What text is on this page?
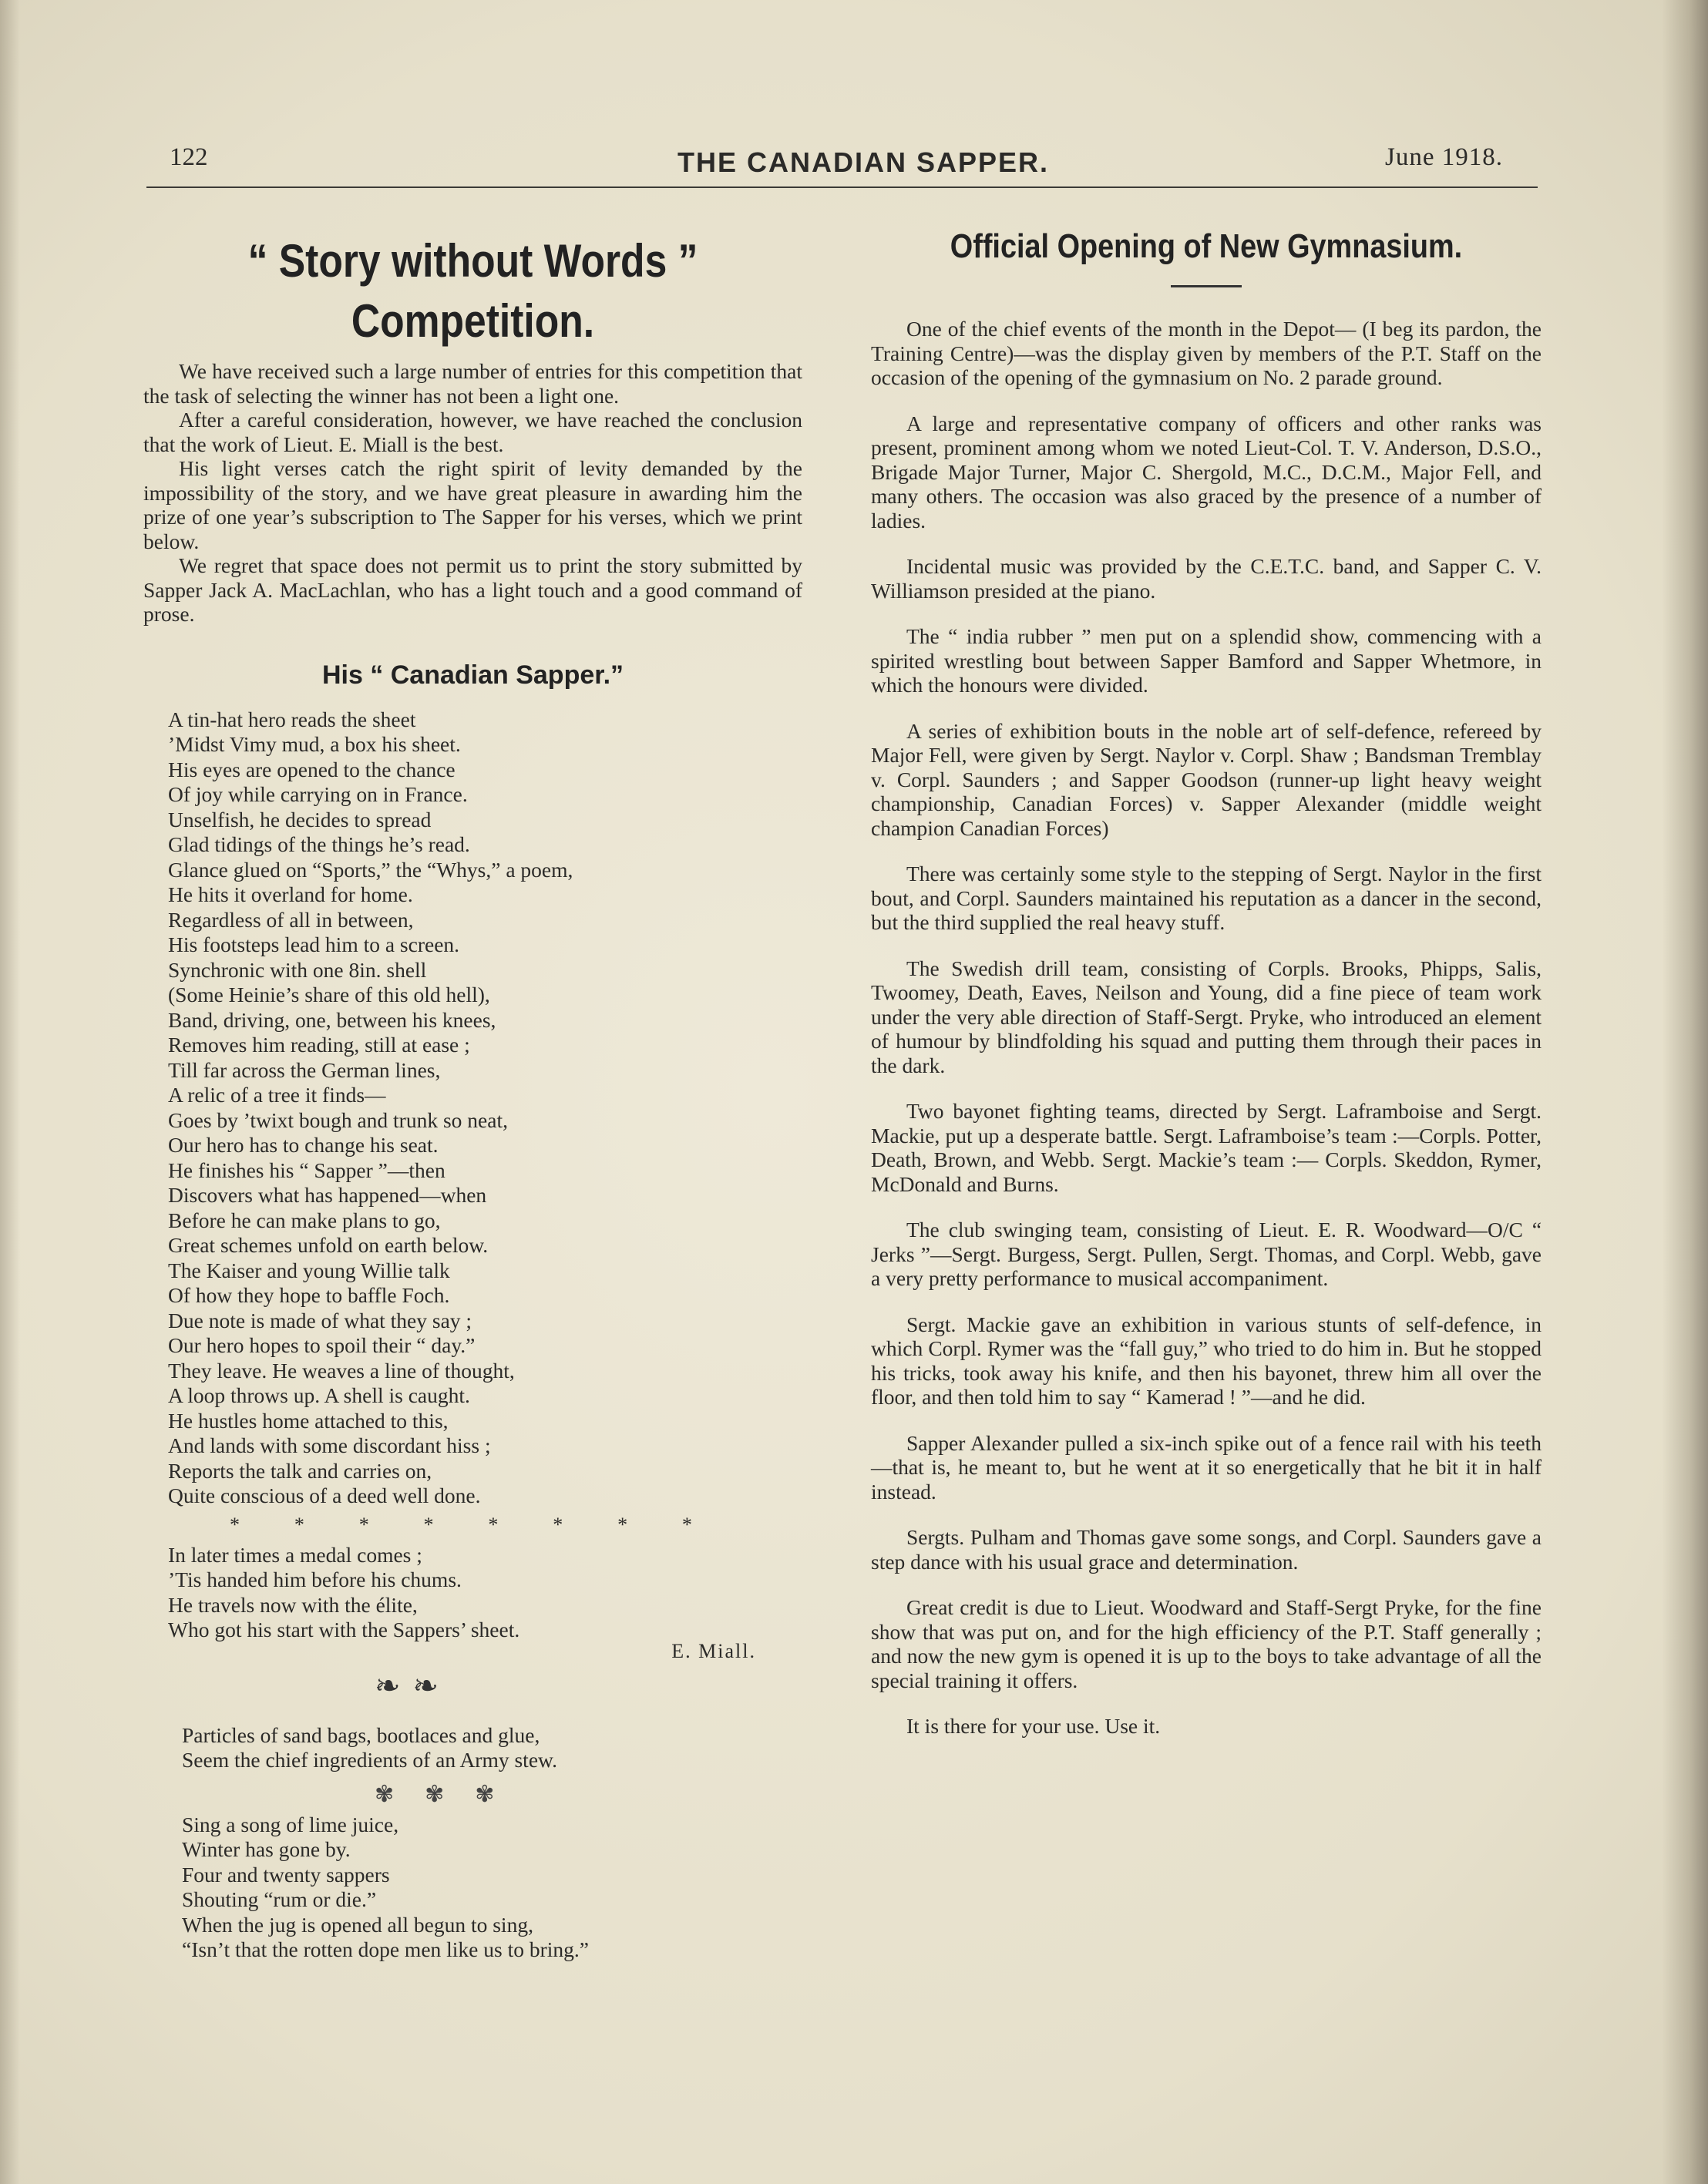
122	THE CANADIAN SAPPER.	June 1918.
“ Story without Words ”
Competition.

We have received such a large number of entries for this competition that the task of selecting the winner has not been a light one.

After a careful consideration, however, we have reached the conclusion that the work of Lieut. E. Miall is the best.

His light verses catch the right spirit of levity demanded by the impossibility of the story, and we have great pleasure in awarding him the prize of one year’s subscription to The Sapper for his verses, which we print below.

We regret that space does not permit us to print the story submitted by Sapper Jack A. MacLachlan, who has a light touch and a good command of prose.

His “ Canadian Sapper.”
A tin-hat hero reads the sheet
’Midst Vimy mud, a box his sheet.
His eyes are opened to the chance
Of joy while carrying on in France.
Unselfish, he decides to spread
Glad tidings of the things he’s read.
Glance glued on “Sports,” the “Whys,” a poem,
He hits it overland for home.
Regardless of all in between,
His footsteps lead him to a screen.
Synchronic with one 8in. shell
(Some Heinie’s share of this old hell),
Band, driving, one, between his knees,
Removes him reading, still at ease ;
Till far across the German lines,
A relic of a tree it finds—
Goes by ’twixt bough and trunk so neat,
Our hero has to change his seat.
He finishes his “ Sapper ”—then
Discovers what has happened—when
Before he can make plans to go,
Great schemes unfold on earth below.
The Kaiser and young Willie talk
Of how they hope to baffle Foch.
Due note is made of what they say ;
Our hero hopes to spoil their “ day.”
They leave. He weaves a line of thought,
A loop throws up. A shell is caught.
He hustles home attached to this,
And lands with some discordant hiss ;
Reports the talk and carries on,
Quite conscious of a deed well done.
*	*	*	*	*	*	*	*
In later times a medal comes ;
’Tis handed him before his chums.
He travels now with the élite,
Who got his start with the Sappers’ sheet.
E. Miall.
❧❧
Particles of sand bags, bootlaces and glue,
Seem the chief ingredients of an Army stew.
✾✾✾
Sing a song of lime juice,
Winter has gone by.
Four and twenty sappers
Shouting “rum or die.”
When the jug is opened all begun to sing,
“Isn’t that the rotten dope men like us to bring.”
Official Opening of New Gymnasium.

One of the chief events of the month in the Depot— (I beg its pardon, the Training Centre)—was the display given by members of the P.T. Staff on the occasion of the opening of the gymnasium on No. 2 parade ground.

A large and representative company of officers and other ranks was present, prominent among whom we noted Lieut-Col. T. V. Anderson, D.S.O., Brigade Major Turner, Major C. Shergold, M.C., D.C.M., Major Fell, and many others. The occasion was also graced by the presence of a number of ladies.

Incidental music was provided by the C.E.T.C. band, and Sapper C. V. Williamson presided at the piano.

The “ india rubber ” men put on a splendid show, commencing with a spirited wrestling bout between Sapper Bamford and Sapper Whetmore, in which the honours were divided.

A series of exhibition bouts in the noble art of self-defence, refereed by Major Fell, were given by Sergt. Naylor v. Corpl. Shaw ; Bandsman Tremblay v. Corpl. Saunders ; and Sapper Goodson (runner-up light heavy weight championship, Canadian Forces) v. Sapper Alexander (middle weight champion Canadian Forces)

There was certainly some style to the stepping of Sergt. Naylor in the first bout, and Corpl. Saunders maintained his reputation as a dancer in the second, but the third supplied the real heavy stuff.

The Swedish drill team, consisting of Corpls. Brooks, Phipps, Salis, Twoomey, Death, Eaves, Neilson and Young, did a fine piece of team work under the very able direction of Staff-Sergt. Pryke, who introduced an element of humour by blindfolding his squad and putting them through their paces in the dark.

Two bayonet fighting teams, directed by Sergt. Laframboise and Sergt. Mackie, put up a desperate battle. Sergt. Laframboise’s team :—Corpls. Potter, Death, Brown, and Webb. Sergt. Mackie’s team :— Corpls. Skeddon, Rymer, McDonald and Burns.

The club swinging team, consisting of Lieut. E. R. Woodward—O/C “ Jerks ”—Sergt. Burgess, Sergt. Pullen, Sergt. Thomas, and Corpl. Webb, gave a very pretty performance to musical accompaniment.

Sergt. Mackie gave an exhibition in various stunts of self-defence, in which Corpl. Rymer was the “fall guy,” who tried to do him in. But he stopped his tricks, took away his knife, and then his bayonet, threw him all over the floor, and then told him to say “ Kamerad ! ”—and he did.

Sapper Alexander pulled a six-inch spike out of a fence rail with his teeth—that is, he meant to, but he went at it so energetically that he bit it in half instead.

Sergts. Pulham and Thomas gave some songs, and Corpl. Saunders gave a step dance with his usual grace and determination.

Great credit is due to Lieut. Woodward and Staff-Sergt Pryke, for the fine show that was put on, and for the high efficiency of the P.T. Staff generally ; and now the new gym is opened it is up to the boys to take advantage of all the special training it offers.

It is there for your use. Use it.
